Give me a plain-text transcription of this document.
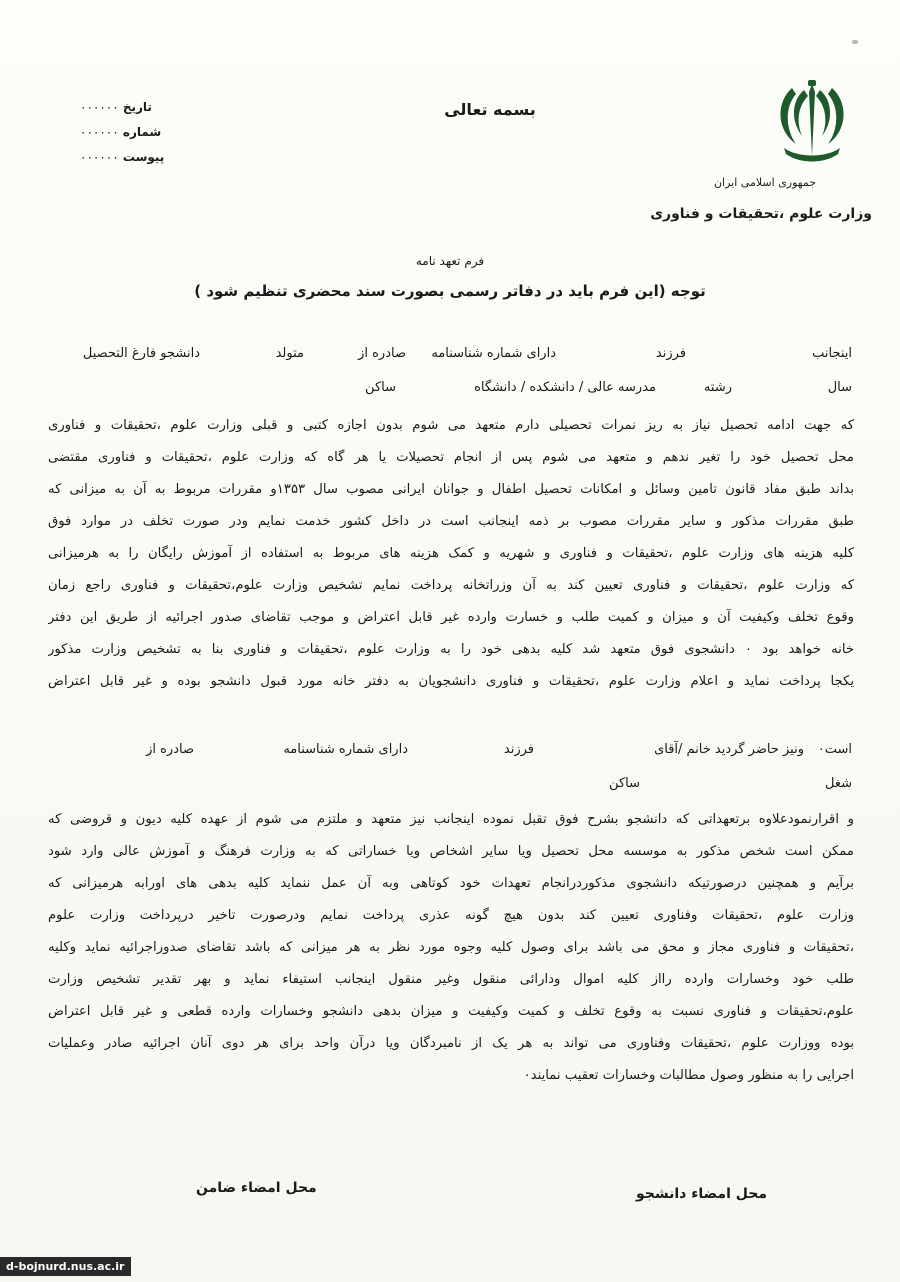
جمهوری اسلامی ایران
وزارت علوم ،تحقیقات و فناوری
بسمه تعالی
تاریخ ۰۰۰۰۰۰
شماره ۰۰۰۰۰۰
پیوست ۰۰۰۰۰۰
فرم تعهد نامه
توجه (این فرم باید در دفاتر رسمی بصورت سند محضری تنظیم شود )
اینجانب
فرزند
دارای شماره شناسنامه
صادره از
متولد
دانشجو فارغ التحصیل
سال
رشته
مدرسه عالی / دانشکده / دانشگاه
ساکن
که جهت ادامه تحصیل نیاز به ریز نمرات تحصیلی دارم متعهد می شوم بدون اجازه کتبی و قبلی وزارت علوم ،تحقیقات و فناوری
محل تحصیل خود را تغیر ندهم و متعهد می شوم پس از انجام تحصیلات یا هر گاه که وزارت علوم ،تحقیقات و فناوری مقتضی
بداند طبق مفاد قانون تامین وسائل و امکانات تحصیل اطفال و جوانان ایرانی مصوب سال ۱۳۵۳و مقررات مربوط به آن به میزانی که
طبق مقررات مذکور و سایر مقررات مصوب بر ذمه اینجانب است در داخل کشور خدمت نمایم ودر صورت تخلف در موارد فوق
کلیه هزینه های وزارت علوم ،تحقیقات و فناوری و شهریه و کمک هزینه های مربوط به استفاده از آموزش رایگان را به هرمیزانی
که وزارت علوم ،تحقیقات و فناوری تعیین کند به آن وزراتخانه پرداخت نمایم تشخیص وزارت علوم،تحقیقات و فناوری راجع زمان
وقوع تخلف وکیفیت آن و میزان و کمیت طلب و خسارت وارده غیر قابل اعتراض و موجب تقاضای صدور اجرائیه از طریق این دفتر
خانه خواهد بود ۰ دانشجوی فوق متعهد شد کلیه بدهی خود را به وزارت علوم ،تحقیقات و فناوری بنا به تشخیص وزارت مذکور
یکجا پرداخت نماید و اعلام وزارت علوم ،تحقیقات و فناوری دانشجویان به دفتر خانه مورد قبول دانشجو بوده و غیر قابل اعتراض
است۰
ونیز حاضر گردید خانم /آقای
فرزند
دارای شماره شناسنامه
صادره از
شغل
ساکن
و اقرارنمودعلاوه برتعهداتی که دانشجو بشرح فوق تقبل نموده اینجانب نیز متعهد و ملتزم می شوم از عهده کلیه دیون و قروضی که
ممکن است شخص مذکور به موسسه محل تحصیل ویا سایر اشخاص ویا خساراتی که به وزارت فرهنگ و آموزش عالی وارد شود
برآیم و همچنین درصورتیکه دانشجوی مذکوردرانجام تعهدات خود کوتاهی وبه آن عمل ننماید کلیه بدهی های اورابه هرمیزانی که
وزارت علوم ،تحقیقات وفناوری تعیین کند بدون هیچ گونه عذری پرداخت نمایم ودرصورت تاخیر درپرداخت وزارت علوم
،تحقیقات و فناوری مجاز و محق می باشد برای وصول کلیه وجوه مورد نظر به هر میزانی که باشد تقاضای صدوراجرائیه نماید وکلیه
طلب خود وخسارات وارده رااز کلیه اموال ودارائی منقول وغیر منقول اینجانب استیفاء نماید و بهر تقدیر تشخیص وزارت
علوم،تحقیقات و فناوری نسبت به وقوع تخلف و کمیت وکیفیت و میزان بدهی دانشجو وخسارات وارده قطعی و غیر قابل اعتراض
بوده ووزارت علوم ،تحقیقات وفناوری می تواند به هر یک از نامبردگان ویا درآن واحد برای هر دوی آنان اجرائیه صادر وعملیات
اجرایی را به منظور وصول مطالبات وخسارات تعقیب نمایند۰
محل امضاء دانشجو
محل امضاء ضامن
d-bojnurd.nus.ac.ir
